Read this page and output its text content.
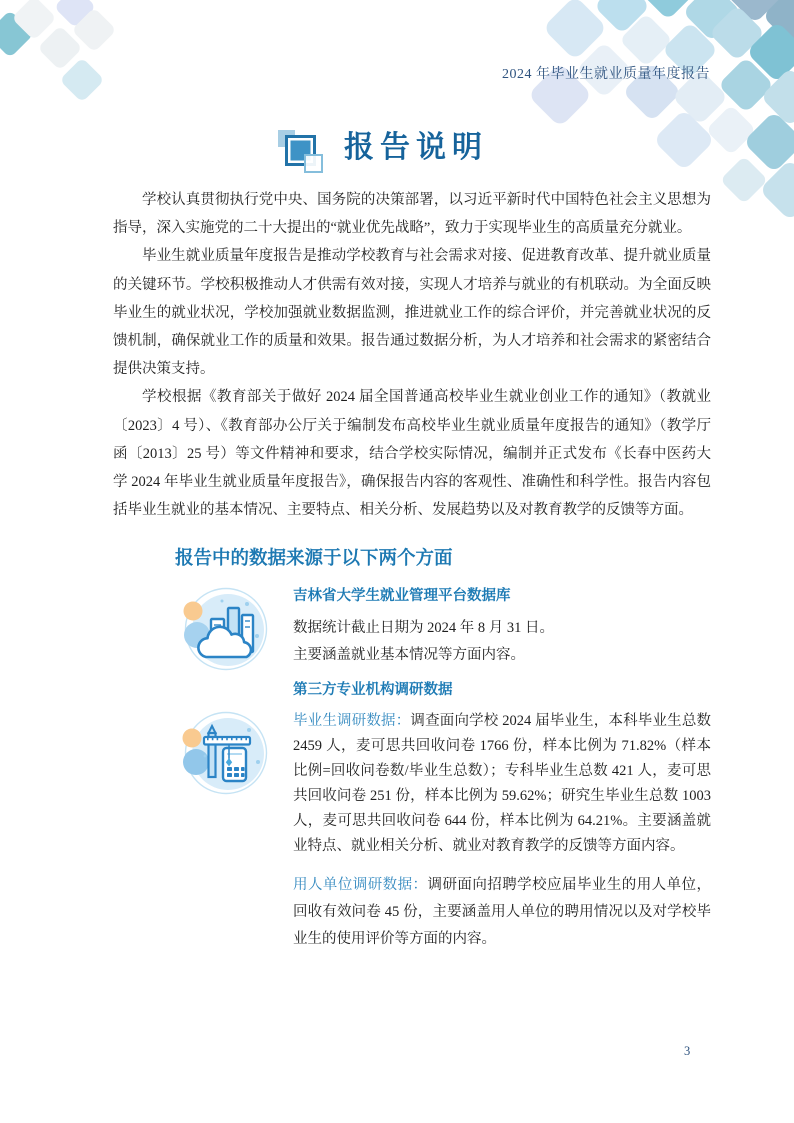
2024 年毕业生就业质量年度报告
报告说明

学校认真贯彻执行党中央、国务院的决策部署，以习近平新时代中国特色社会主义思想为指导，深入实施党的二十大提出的“就业优先战略”，致力于实现毕业生的高质量充分就业。

毕业生就业质量年度报告是推动学校教育与社会需求对接、促进教育改革、提升就业质量的关键环节。学校积极推动人才供需有效对接，实现人才培养与就业的有机联动。为全面反映毕业生的就业状况，学校加强就业数据监测，推进就业工作的综合评价，并完善就业状况的反馈机制，确保就业工作的质量和效果。报告通过数据分析，为人才培养和社会需求的紧密结合提供决策支持。

学校根据《教育部关于做好 2024 届全国普通高校毕业生就业创业工作的通知》（教就业〔2023〕4 号）、《教育部办公厅关于编制发布高校毕业生就业质量年度报告的通知》（教学厅函〔2013〕25 号）等文件精神和要求，结合学校实际情况，编制并正式发布《长春中医药大学 2024 年毕业生就业质量年度报告》，确保报告内容的客观性、准确性和科学性。报告内容包括毕业生就业的基本情况、主要特点、相关分析、发展趋势以及对教育教学的反馈等方面。

报告中的数据来源于以下两个方面
吉林省大学生就业管理平台数据库

数据统计截止日期为 2024 年 8 月 31 日。

主要涵盖就业基本情况等方面内容。

第三方专业机构调研数据

毕业生调研数据：调查面向学校 2024 届毕业生，本科毕业生总数 2459 人，麦可思共回收问卷 1766 份，样本比例为 71.82%（样本比例=回收问卷数/毕业生总数）；专科毕业生总数 421 人，麦可思共回收问卷 251 份，样本比例为 59.62%；研究生毕业生总数 1003 人，麦可思共回收问卷 644 份，样本比例为 64.21%。主要涵盖就业特点、就业相关分析、就业对教育教学的反馈等方面内容。

用人单位调研数据：调研面向招聘学校应届毕业生的用人单位，回收有效问卷 45 份，主要涵盖用人单位的聘用情况以及对学校毕业生的使用评价等方面的内容。

3
